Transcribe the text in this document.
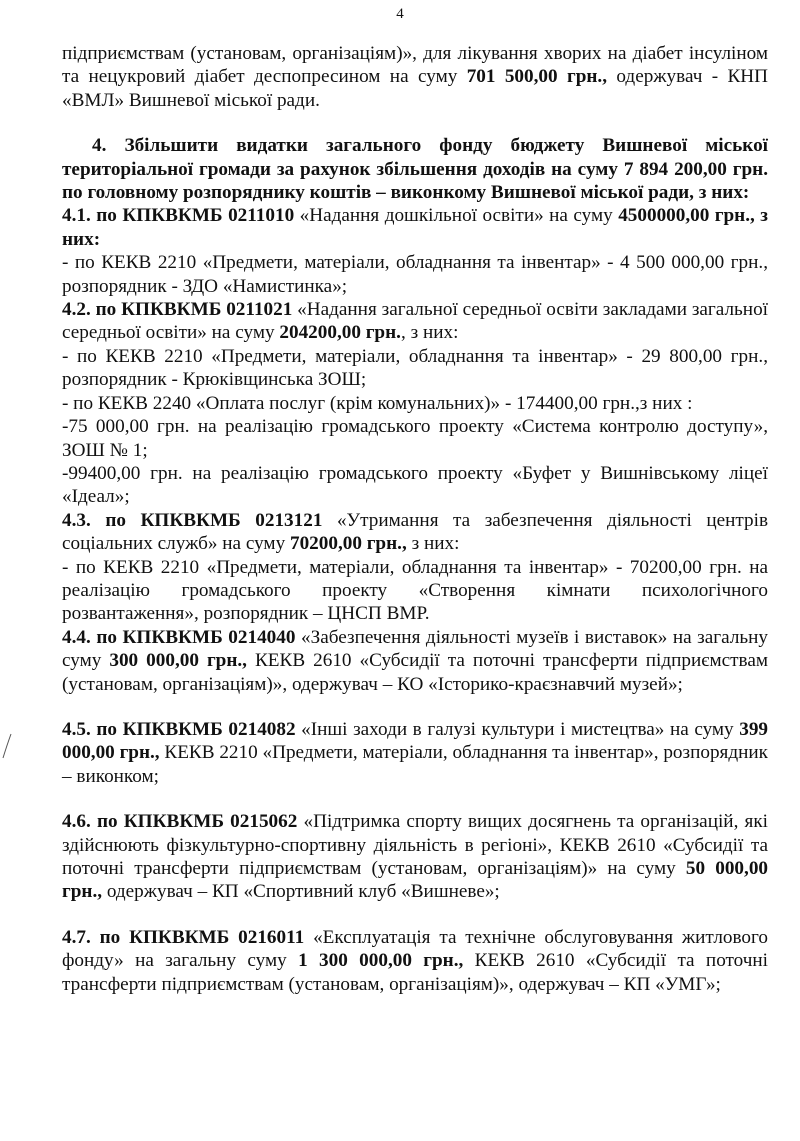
4

підприємствам (установам, організаціям)», для лікування хворих на діабет інсуліном та нецукровий діабет деспопресином на суму 701 500,00 грн., одержувач - КНП «ВМЛ» Вишневої міської ради.

4. Збільшити видатки загального фонду бюджету Вишневої міської територіальної громади за рахунок збільшення доходів на суму 7 894 200,00 грн. по головному розпоряднику коштів – виконкому Вишневої міської ради, з них:

4.1. по КПКВКМБ 0211010 «Надання дошкільної освіти» на суму 4500000,00 грн., з них:

- по КЕКВ 2210 «Предмети, матеріали, обладнання та інвентар» - 4 500 000,00 грн., розпорядник - ЗДО «Намистинка»;

4.2. по КПКВКМБ 0211021 «Надання загальної середньої освіти закладами загальної середньої освіти» на суму 204200,00 грн., з них:

- по КЕКВ 2210 «Предмети, матеріали, обладнання та інвентар» - 29 800,00 грн., розпорядник - Крюківщинська ЗОШ;

- по КЕКВ 2240 «Оплата послуг (крім комунальних)» - 174400,00 грн.,з них :

-75 000,00 грн. на реалізацію громадського проекту «Система контролю доступу», ЗОШ № 1;

-99400,00 грн. на реалізацію громадського проекту «Буфет у Вишнівському ліцеї «Ідеал»;

4.3. по КПКВКМБ 0213121 «Утримання та забезпечення діяльності центрів соціальних служб» на суму 70200,00 грн., з них:

- по КЕКВ 2210 «Предмети, матеріали, обладнання та інвентар» - 70200,00 грн. на реалізацію громадського проекту «Створення кімнати психологічного розвантаження», розпорядник – ЦНСП ВМР.

4.4. по КПКВКМБ 0214040 «Забезпечення діяльності музеїв і виставок» на загальну суму 300 000,00 грн., КЕКВ 2610 «Субсидії та поточні трансферти підприємствам (установам, організаціям)», одержувач – КО «Історико-краєзнавчий музей»;

4.5. по КПКВКМБ 0214082 «Інші заходи в галузі культури і мистецтва» на суму 399 000,00 грн., КЕКВ 2210 «Предмети, матеріали, обладнання та інвентар», розпорядник – виконком;

4.6. по КПКВКМБ 0215062 «Підтримка спорту вищих досягнень та організацій, які здійснюють фізкультурно-спортивну діяльність в регіоні», КЕКВ 2610 «Субсидії та поточні трансферти підприємствам (установам, організаціям)» на суму 50 000,00 грн., одержувач – КП «Спортивний клуб «Вишневе»;

4.7. по КПКВКМБ 0216011 «Експлуатація та технічне обслуговування житлового фонду» на загальну суму 1 300 000,00 грн., КЕКВ 2610 «Субсидії та поточні трансферти підприємствам (установам, організаціям)», одержувач – КП «УМГ»;
